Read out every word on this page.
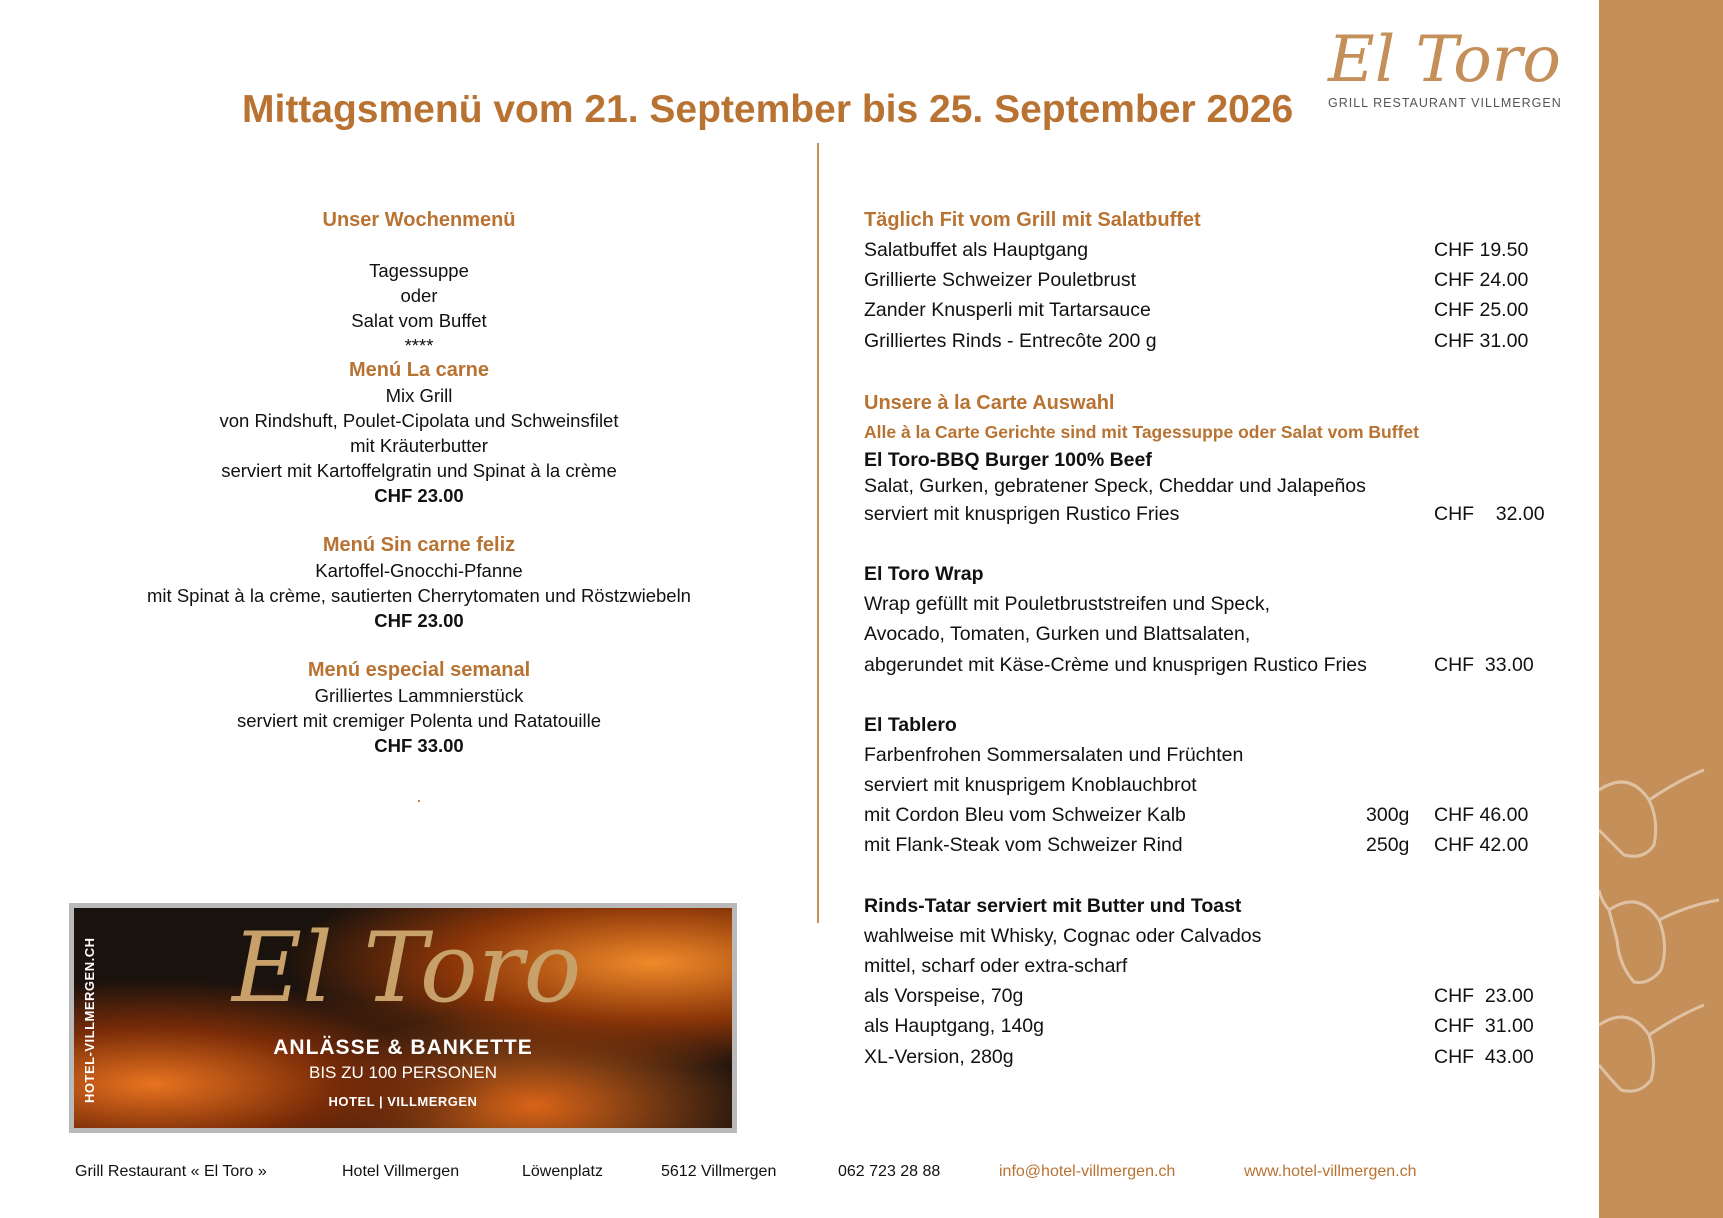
Mittagsmenü vom 21. September bis 25. September 2026
El Toro
GRILL RESTAURANT VILLMERGEN
Unser Wochenmenü
Tagessuppe
oder
Salat vom Buffet
****
Menú La carne
Mix Grill
von Rindshuft, Poulet-Cipolata und Schweinsfilet
mit Kräuterbutter
serviert mit Kartoffelgratin und Spinat à la crème
CHF 23.00
Menú Sin carne feliz
Kartoffel-Gnocchi-Pfanne
mit Spinat à la crème, sautierten Cherrytomaten und Röstzwiebeln
CHF 23.00
Menú especial semanal
Grilliertes Lammnierstück
serviert mit cremiger Polenta und Ratatouille
CHF 33.00
.
HOTEL-VILLMERGEN.CH El Toro
ANLÄSSE & BANKETTE
BIS ZU 100 PERSONEN
HOTEL | VILLMERGEN
Täglich Fit vom Grill mit Salatbuffet
Salatbuffet als Hauptgang	CHF 19.50
Grillierte Schweizer Pouletbrust	CHF 24.00
Zander Knusperli mit Tartarsauce	CHF 25.00
Grilliertes Rinds - Entrecôte 200 g	CHF 31.00
Unsere à la Carte Auswahl
Alle à la Carte Gerichte sind mit Tagessuppe oder Salat vom Buffet
El Toro-BBQ Burger 100% Beef
Salat, Gurken, gebratener Speck, Cheddar und Jalapeños
serviert mit knusprigen Rustico Fries	CHF    32.00
El Toro Wrap
Wrap gefüllt mit Pouletbruststreifen und Speck,
Avocado, Tomaten, Gurken und Blattsalaten,
abgerundet mit Käse-Crème und knusprigen Rustico Fries	CHF  33.00
El Tablero
Farbenfrohen Sommersalaten und Früchten
serviert mit knusprigem Knoblauchbrot
mit Cordon Bleu vom Schweizer Kalb	300g	CHF 46.00
mit Flank-Steak vom Schweizer Rind	250g	CHF 42.00
Rinds-Tatar serviert mit Butter und Toast
wahlweise mit Whisky, Cognac oder Calvados
mittel, scharf oder extra-scharf
als Vorspeise, 70g	CHF  23.00
als Hauptgang, 140g	CHF  31.00
XL-Version, 280g	CHF  43.00
Grill Restaurant « El Toro »	Hotel Villmergen	Löwenplatz	5612 Villmergen	062 723 28 88	info@hotel-villmergen.ch	www.hotel-villmergen.ch
